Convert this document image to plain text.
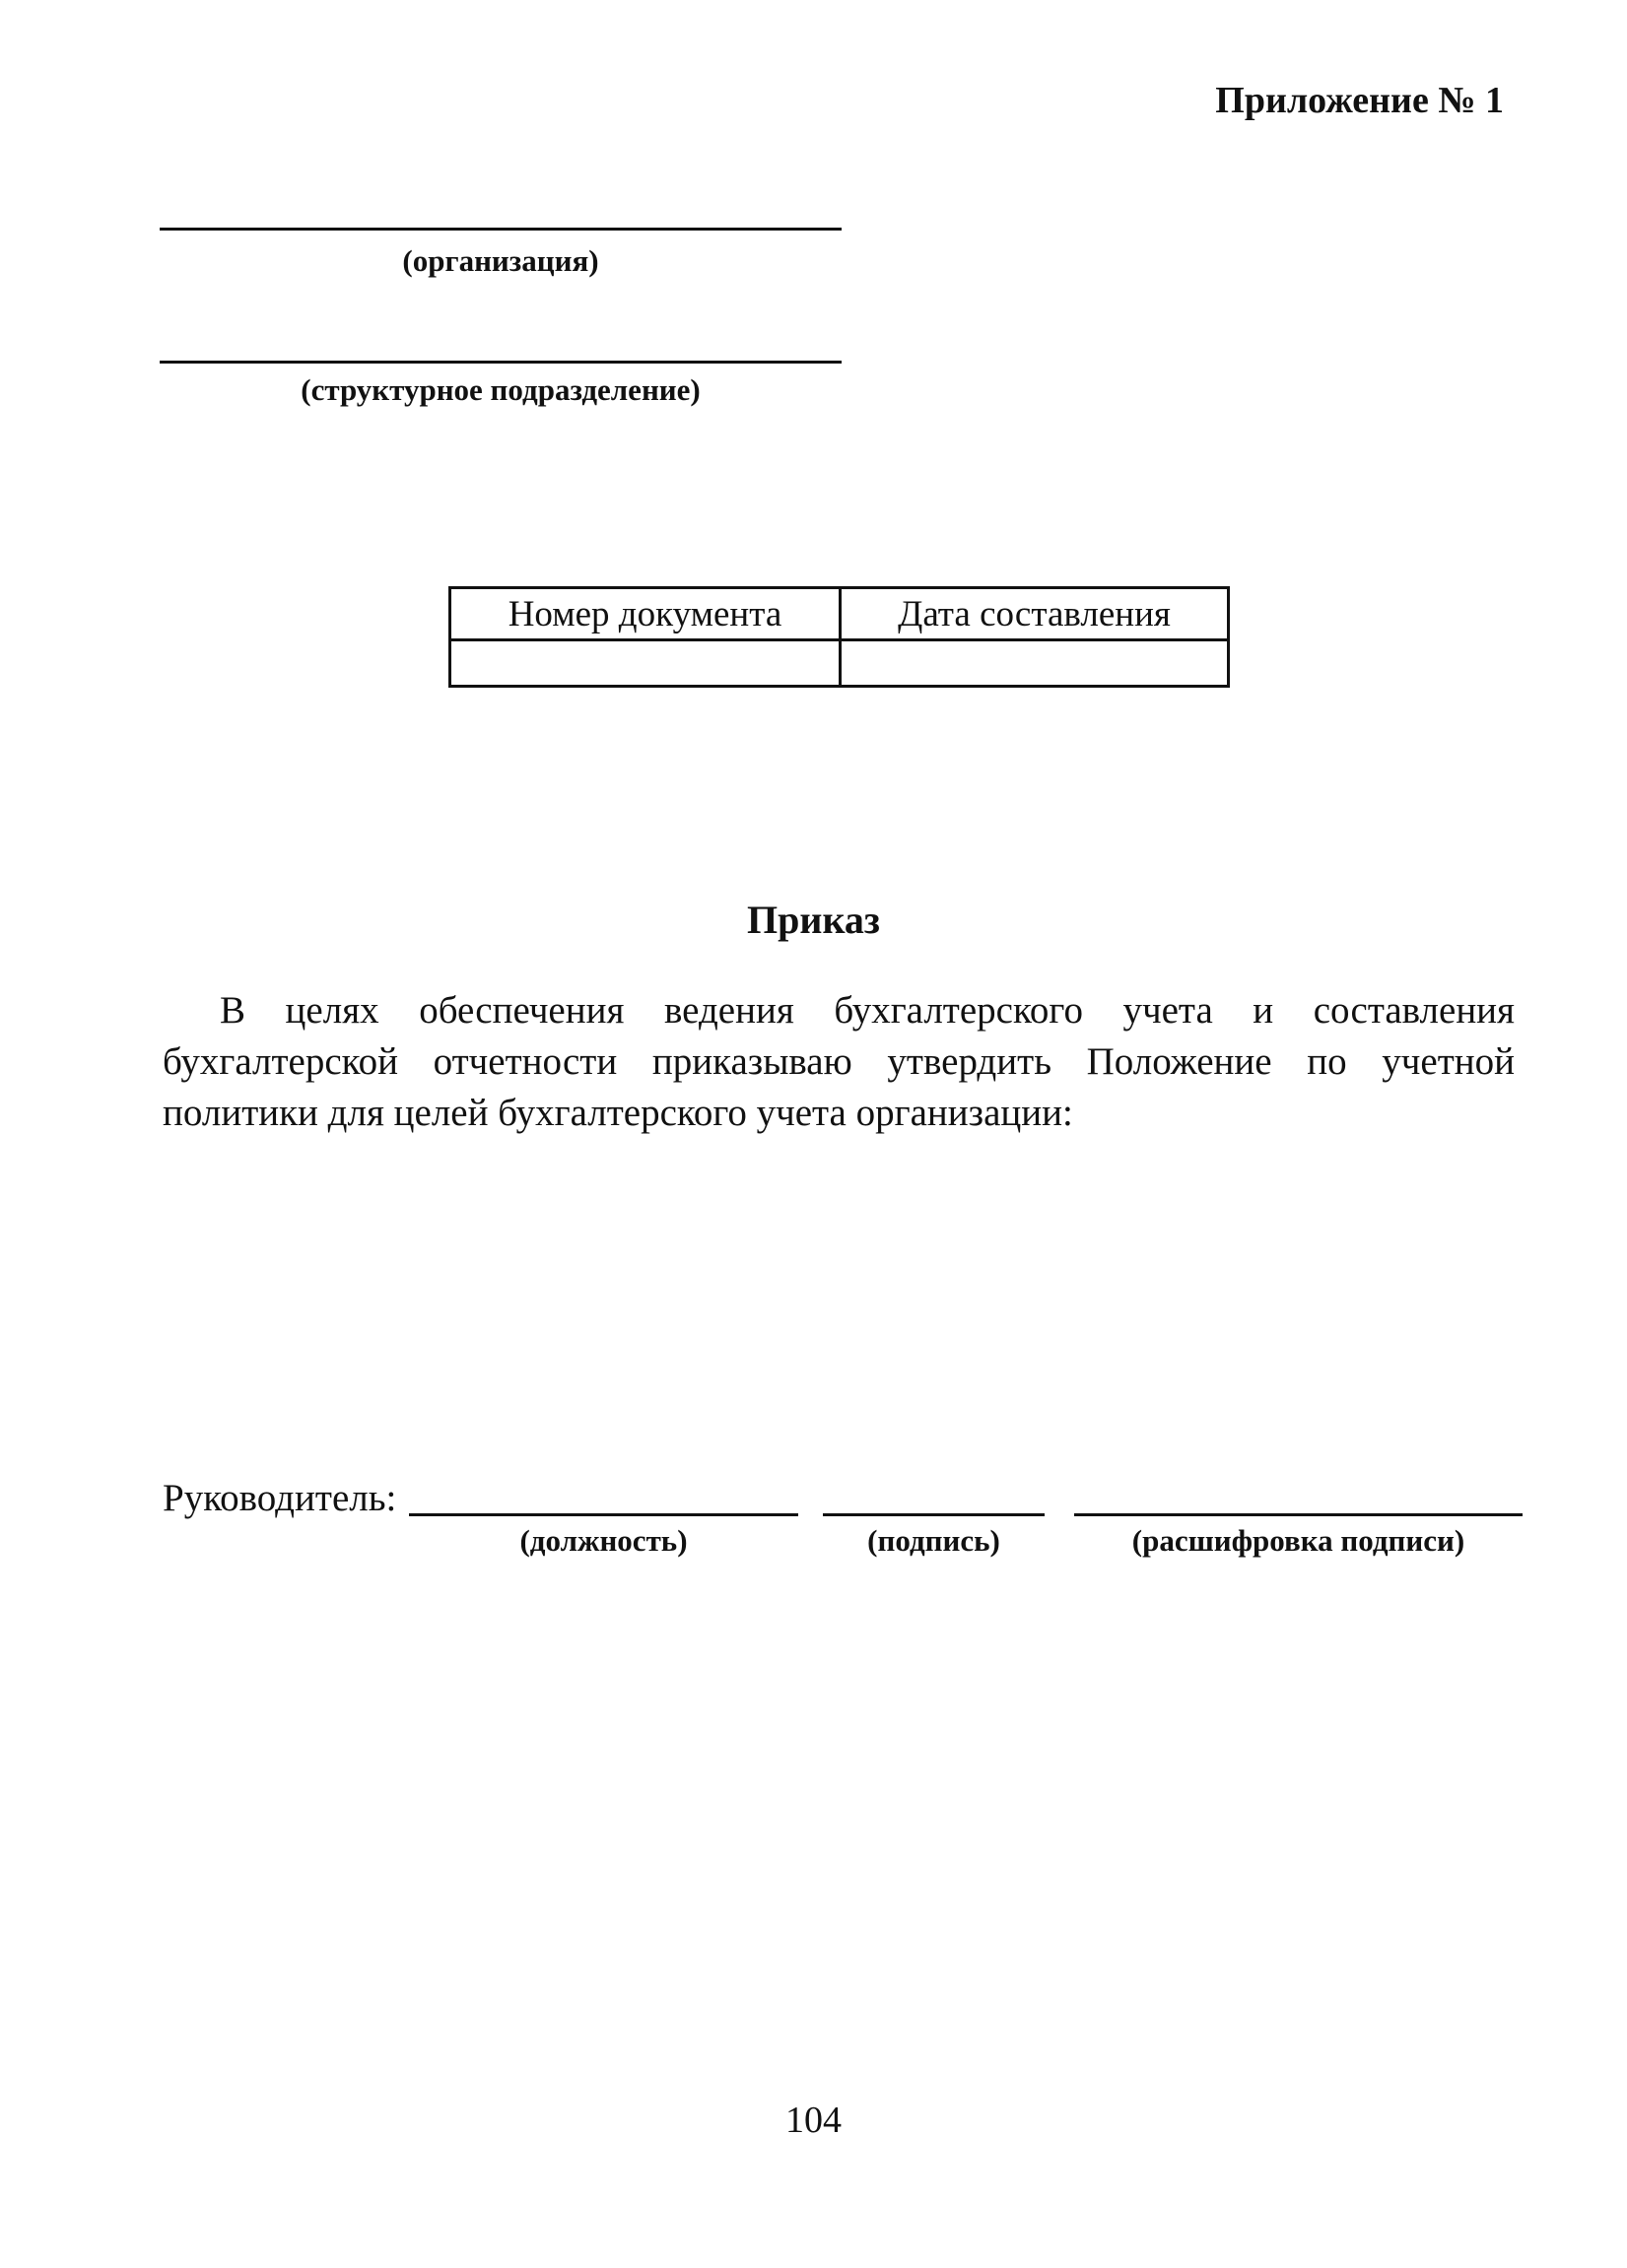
Приложение № 1
(организация)
(структурное подразделение)
Номер документа	Дата составления

Приказ
В целях обеспечения ведения бухгалтерского учета и составления бухгалтерской отчетности приказываю утвердить Положение по учетной политики для целей бухгалтерского учета организации:
Руководитель:
(должность)	(подпись)	(расшифровка подписи)
104
